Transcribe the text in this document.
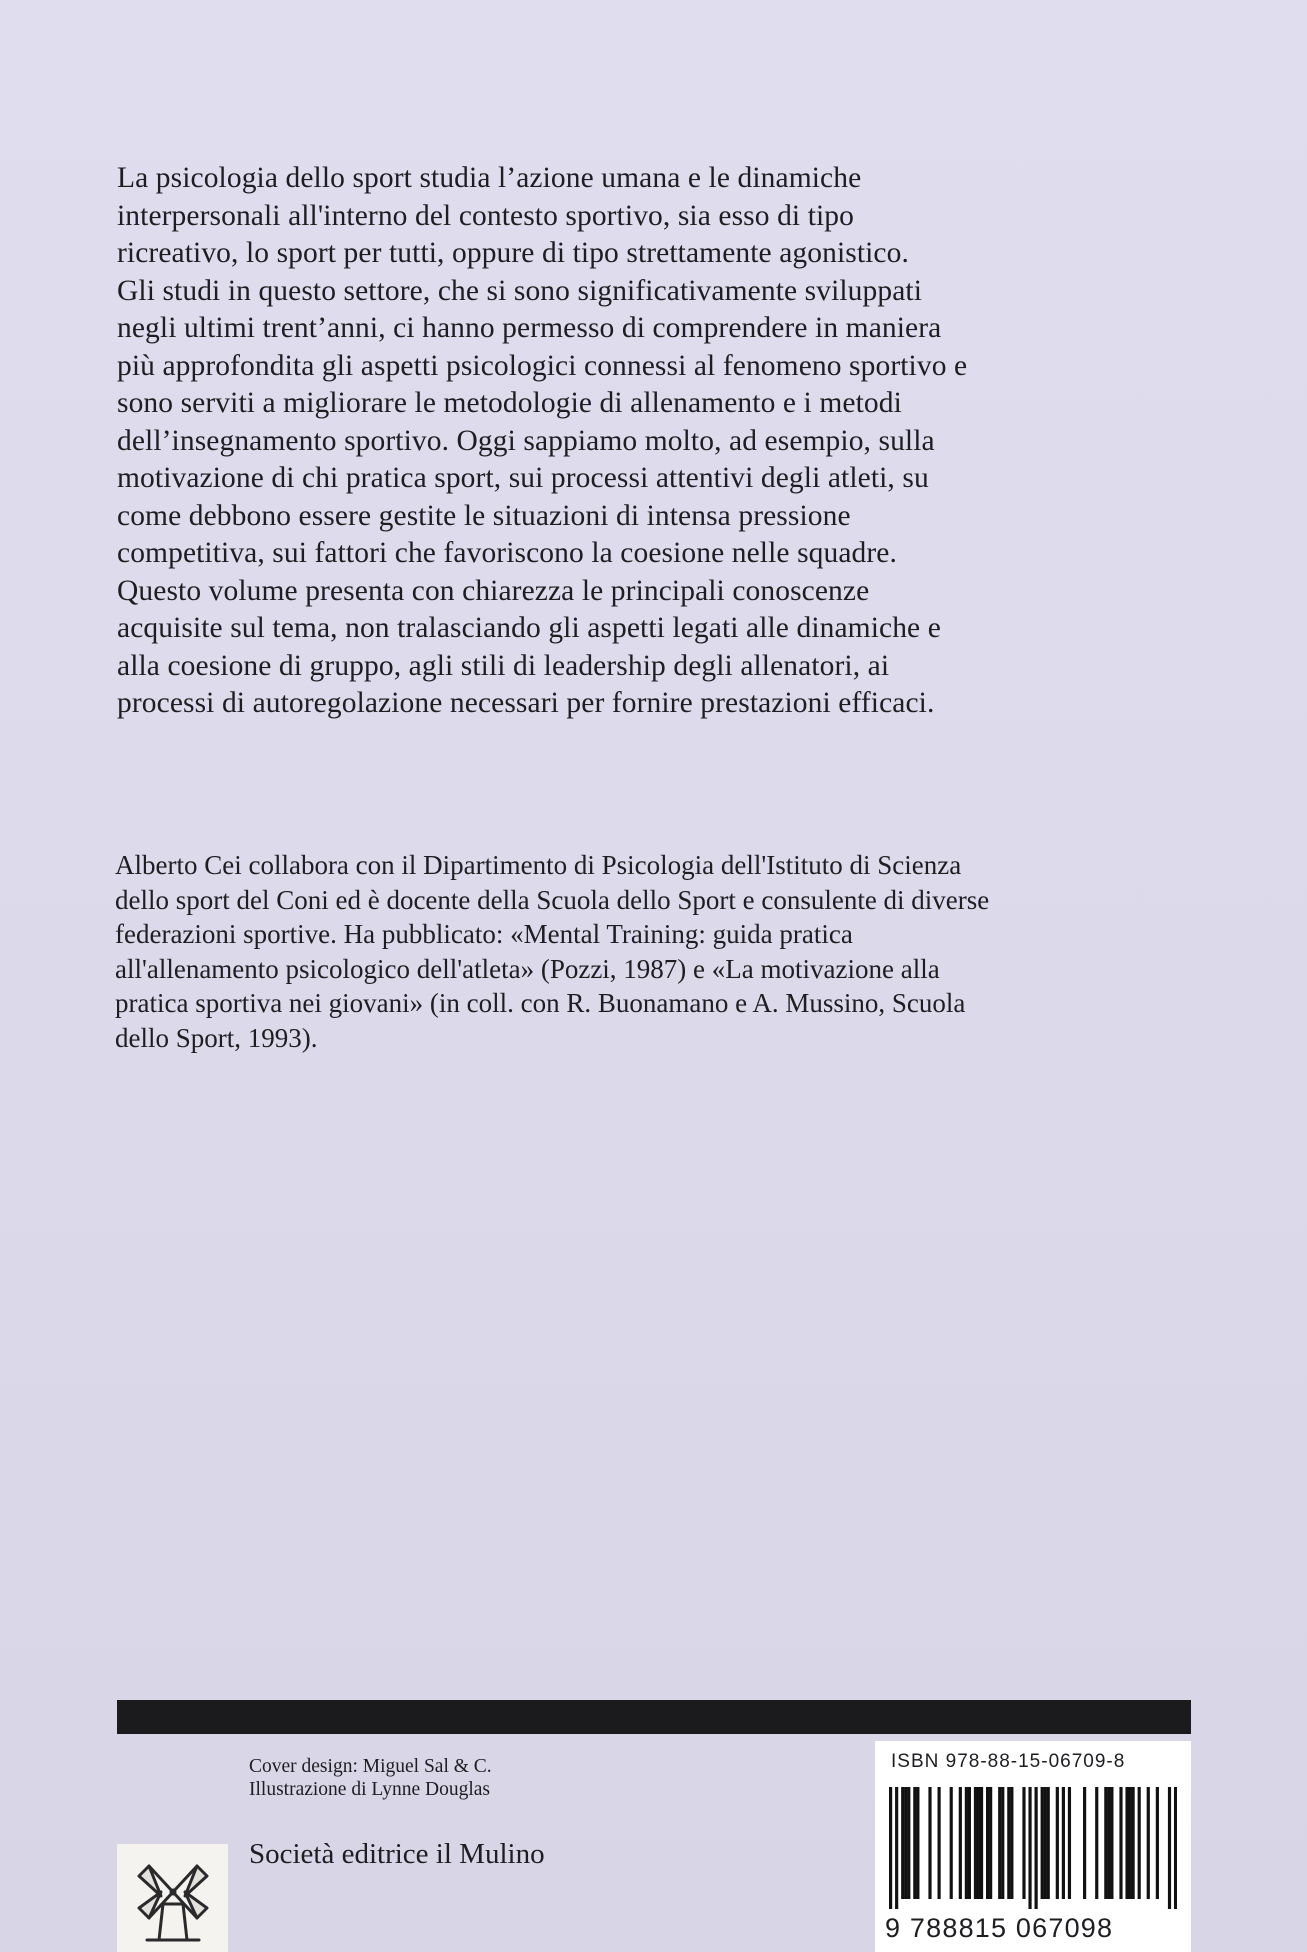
La psicologia dello sport studia l’azione umana e le dinamiche

interpersonali all'interno del contesto sportivo, sia esso di tipo

ricreativo, lo sport per tutti, oppure di tipo strettamente agonistico.

Gli studi in questo settore, che si sono significativamente sviluppati

negli ultimi trent’anni, ci hanno permesso di comprendere in maniera

più approfondita gli aspetti psicologici connessi al fenomeno sportivo e

sono serviti a migliorare le metodologie di allenamento e i metodi

dell’insegnamento sportivo. Oggi sappiamo molto, ad esempio, sulla

motivazione di chi pratica sport, sui processi attentivi degli atleti, su

come debbono essere gestite le situazioni di intensa pressione

competitiva, sui fattori che favoriscono la coesione nelle squadre.

Questo volume presenta con chiarezza le principali conoscenze

acquisite sul tema, non tralasciando gli aspetti legati alle dinamiche e

alla coesione di gruppo, agli stili di leadership degli allenatori, ai

processi di autoregolazione necessari per fornire prestazioni efficaci.

Alberto Cei collabora con il Dipartimento di Psicologia dell'Istituto di Scienza

dello sport del Coni ed è docente della Scuola dello Sport e consulente di diverse

federazioni sportive. Ha pubblicato: «Mental Training: guida pratica

all'allenamento psicologico dell'atleta» (Pozzi, 1987) e «La motivazione alla

pratica sportiva nei giovani» (in coll. con R. Buonamano e A. Mussino, Scuola

dello Sport, 1993).

Cover design: Miguel Sal & C.

Illustrazione di Lynne Douglas

Società editrice il Mulino
ISBN 978-88-15-06709-8
9 788815 067098
